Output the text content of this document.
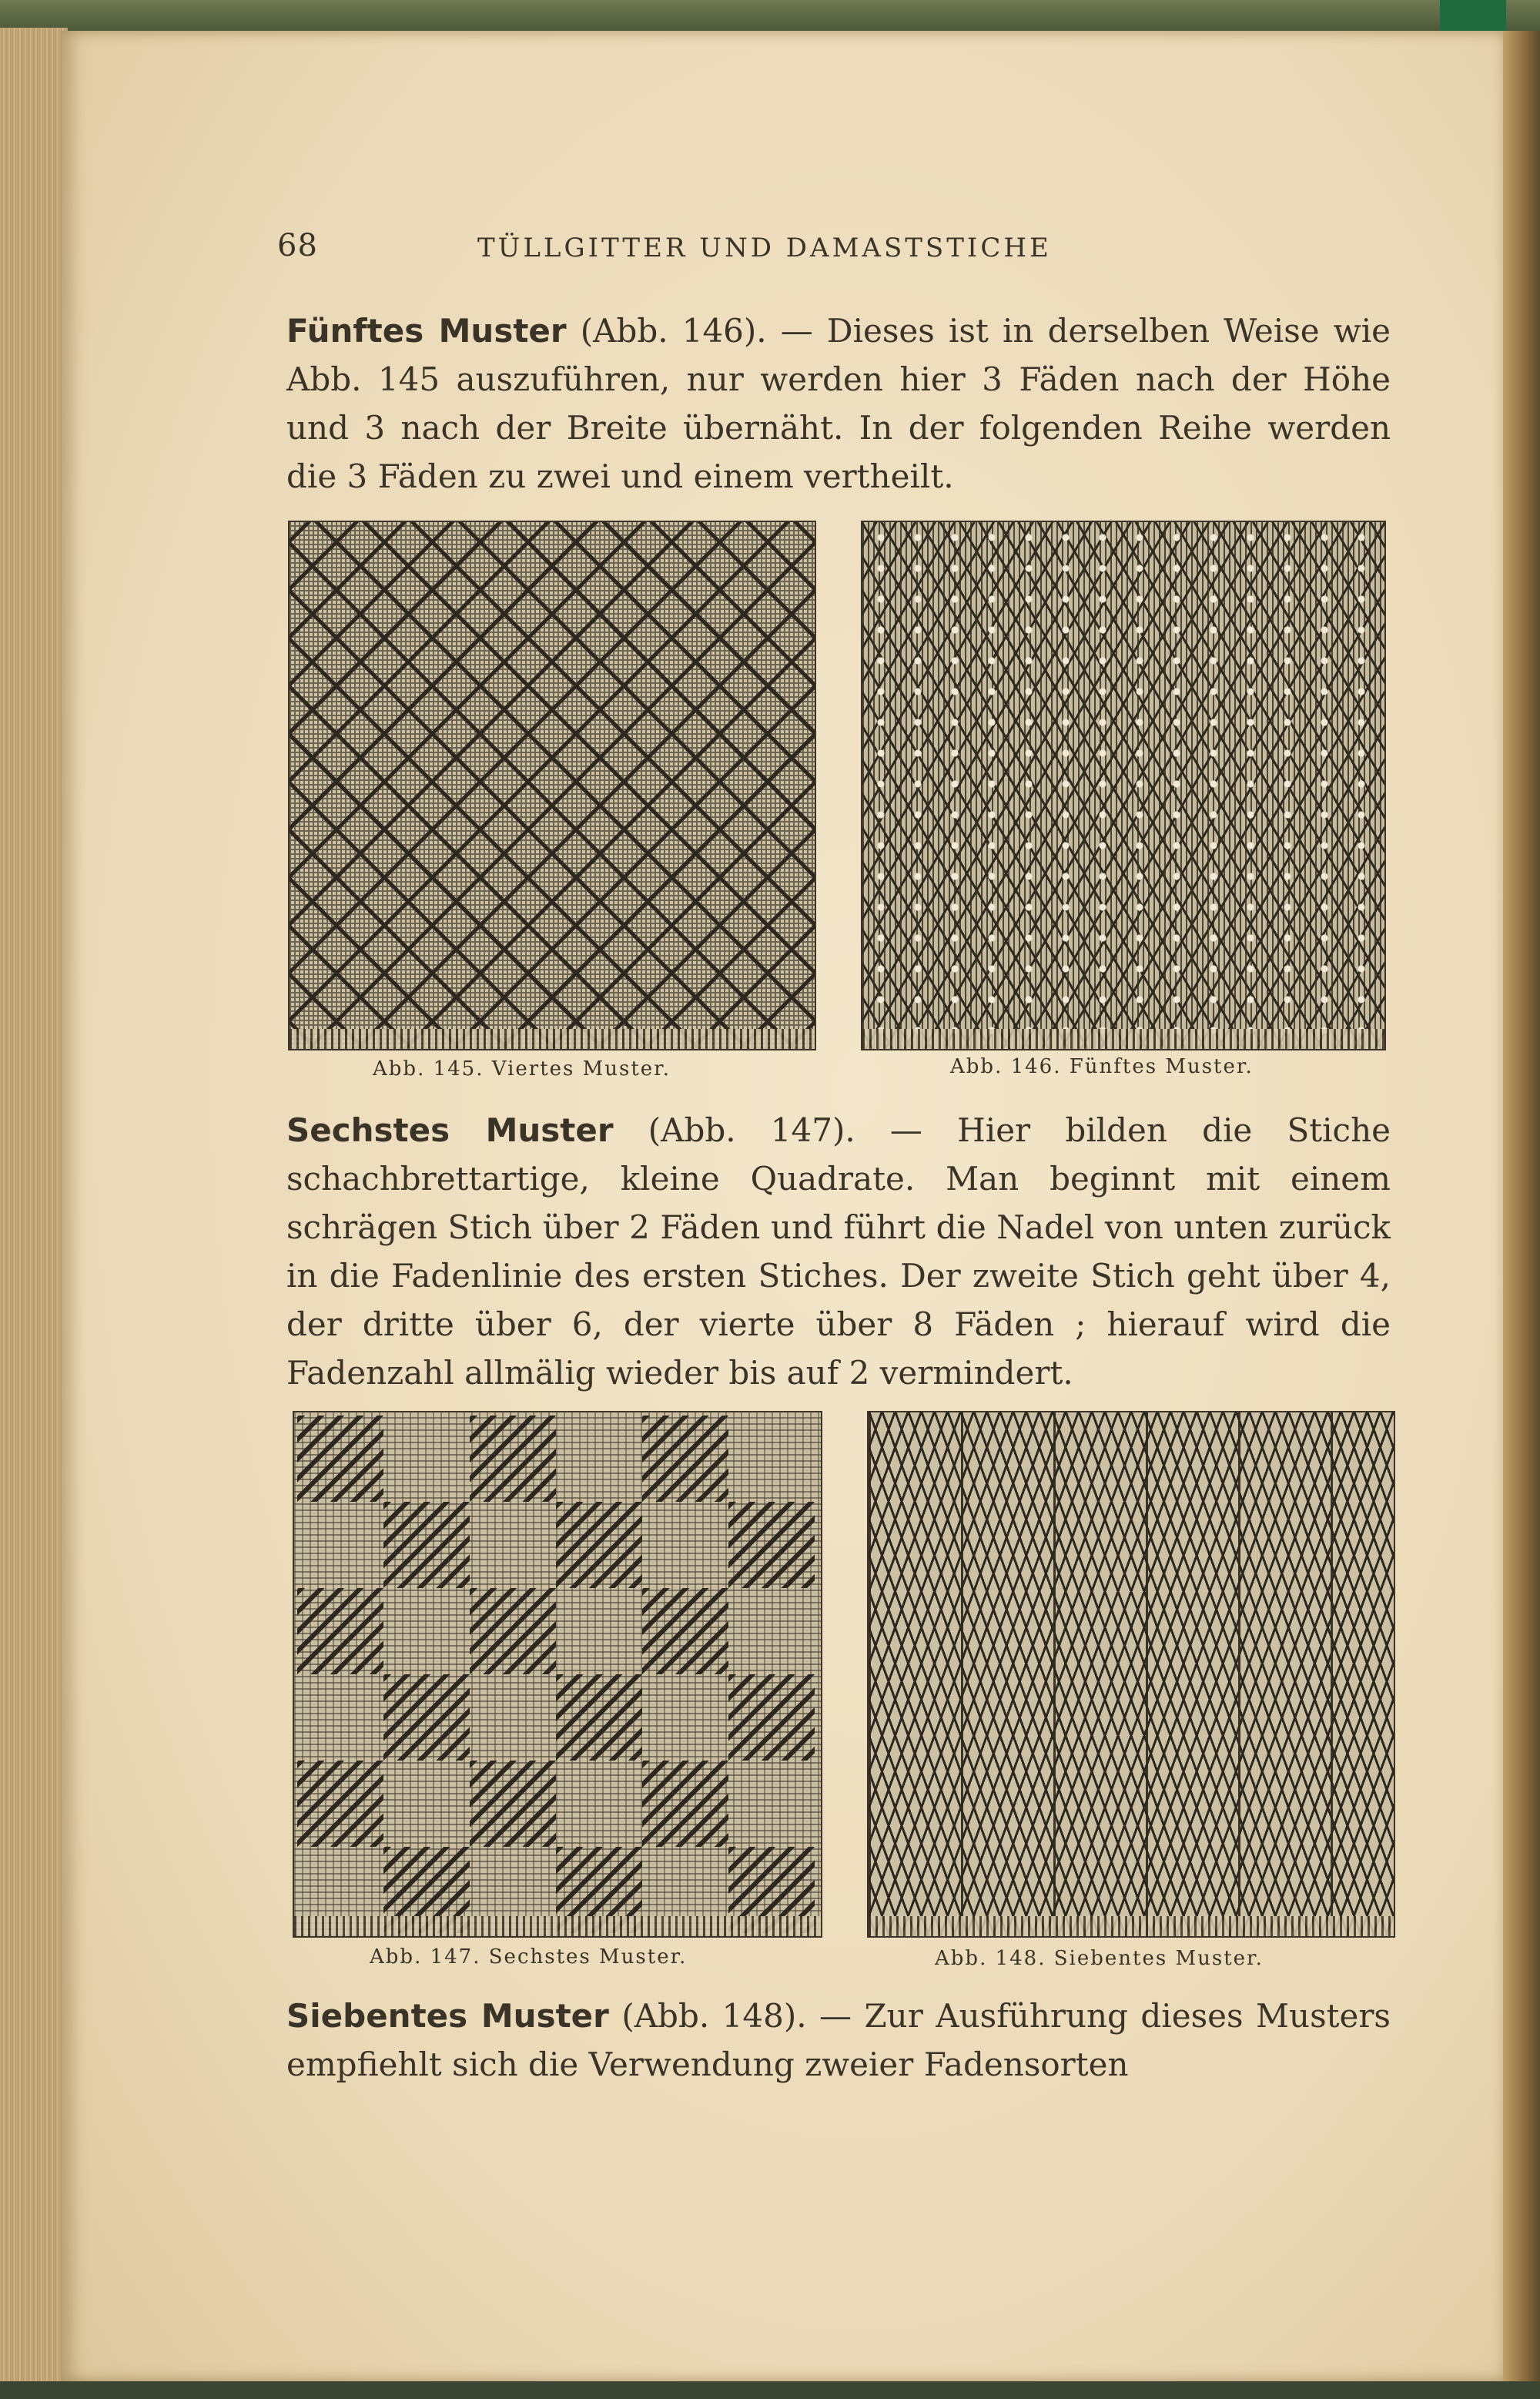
68	TÜLLGITTER UND DAMASTSTICHE

Fünftes Muster (Abb. 146). — Dieses ist in derselben Weise wie Abb. 145 auszuführen, nur werden hier 3 Fäden nach der Höhe und 3 nach der Breite übernäht. In der folgenden Reihe werden die 3 Fäden zu zwei und einem vertheilt.

Abb. 145. Viertes Muster.	Abb. 146. Fünftes Muster.

Sechstes Muster (Abb. 147). — Hier bilden die Stiche schachbrettartige, kleine Quadrate. Man beginnt mit einem schrägen Stich über 2 Fäden und führt die Nadel von unten zurück in die Fadenlinie des ersten Stiches. Der zweite Stich geht über 4, der dritte über 6, der vierte über 8 Fäden ; hierauf wird die Fadenzahl allmälig wieder bis auf 2 vermindert.

Abb. 147. Sechstes Muster.	Abb. 148. Siebentes Muster.

Siebentes Muster (Abb. 148). — Zur Ausführung dieses Musters empfiehlt sich die Verwendung zweier Fadensorten
